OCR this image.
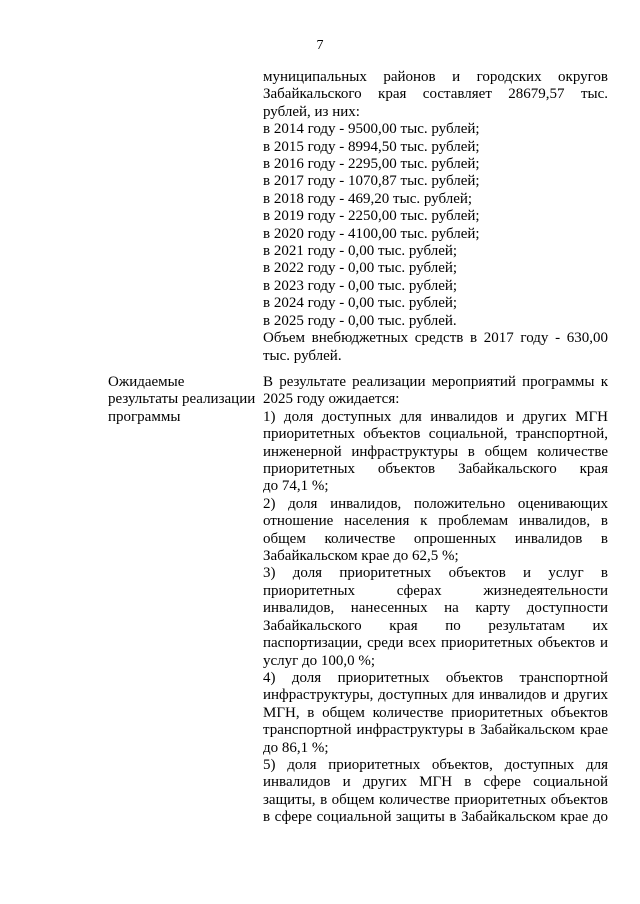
7
муниципальных районов и городских округов
Забайкальского края составляет 28679,57 тыс.
рублей, из них:
в 2014 году - 9500,00 тыс. рублей;
в 2015 году - 8994,50 тыс. рублей;
в 2016 году - 2295,00 тыс. рублей;
в 2017 году - 1070,87 тыс. рублей;
в 2018 году - 469,20 тыс. рублей;
в 2019 году - 2250,00 тыс. рублей;
в 2020 году - 4100,00 тыс. рублей;
в 2021 году - 0,00 тыс. рублей;
в 2022 году - 0,00 тыс. рублей;
в 2023 году - 0,00 тыс. рублей;
в 2024 году - 0,00 тыс. рублей;
в 2025 году - 0,00 тыс. рублей.
Объем внебюджетных средств в 2017 году - 630,00
тыс. рублей.
Ожидаемые
результаты реализации
программы
В результате реализации мероприятий программы к
2025 году ожидается:
1) доля доступных для инвалидов и других МГН
приоритетных объектов социальной, транспортной,
инженерной инфраструктуры в общем количестве
приоритетных объектов Забайкальского края
до 74,1 %;
2) доля инвалидов, положительно оценивающих
отношение населения к проблемам инвалидов, в
общем количестве опрошенных инвалидов в
Забайкальском крае до 62,5 %;
3) доля приоритетных объектов и услуг в
приоритетных сферах жизнедеятельности
инвалидов, нанесенных на карту доступности
Забайкальского края по результатам их
паспортизации, среди всех приоритетных объектов и
услуг до 100,0 %;
4) доля приоритетных объектов транспортной
инфраструктуры, доступных для инвалидов и других
МГН, в общем количестве приоритетных объектов
транспортной инфраструктуры в Забайкальском крае
до 86,1 %;
5) доля приоритетных объектов, доступных для
инвалидов и других МГН в сфере социальной
защиты, в общем количестве приоритетных объектов
в сфере социальной защиты в Забайкальском крае до
